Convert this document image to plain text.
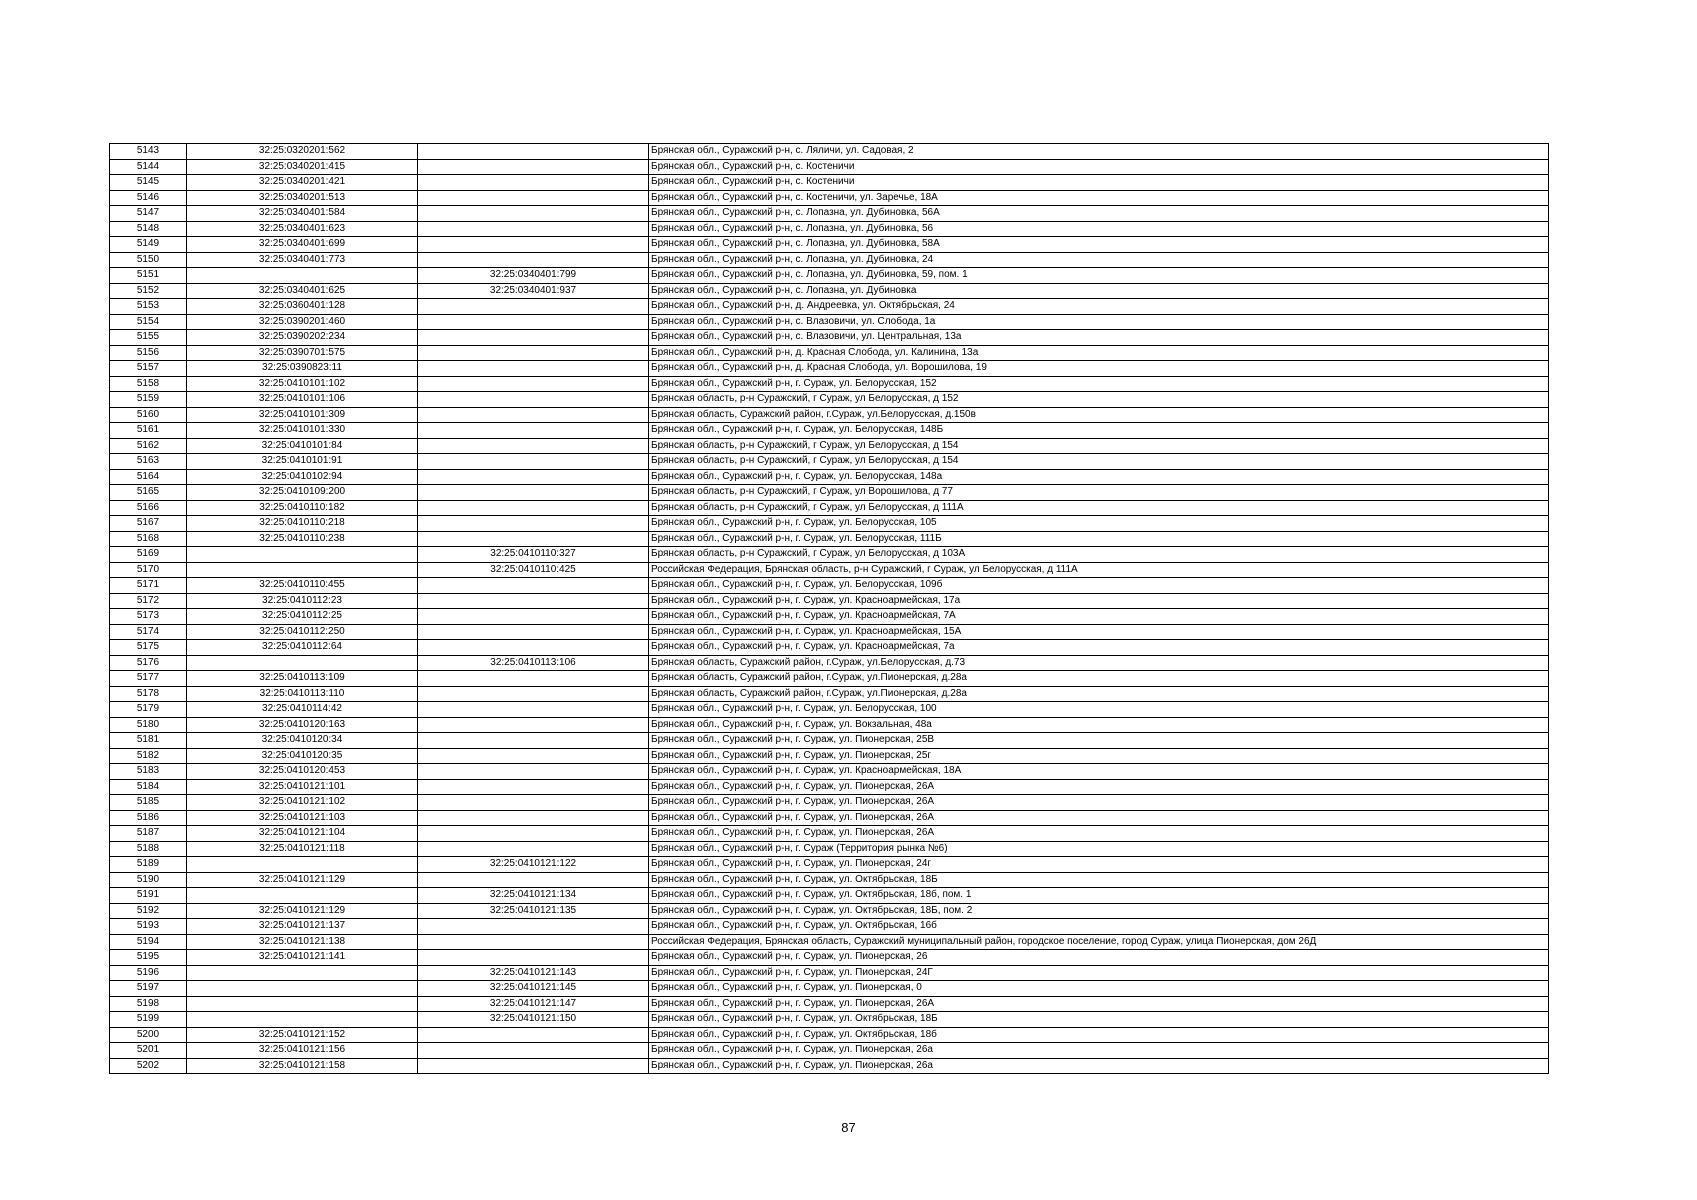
5143	32:25:0320201:562		Брянская обл., Суражский р-н, с. Ляличи, ул. Садовая, 2
5144	32:25:0340201:415		Брянская обл., Суражский р-н, с. Костеничи
5145	32:25:0340201:421		Брянская обл., Суражский р-н, с. Костеничи
5146	32:25:0340201:513		Брянская обл., Суражский р-н, с. Костеничи, ул. Заречье, 18А
5147	32:25:0340401:584		Брянская обл., Суражский р-н, с. Лопазна, ул. Дубиновка, 56А
5148	32:25:0340401:623		Брянская обл., Суражский р-н, с. Лопазна, ул. Дубиновка, 56
5149	32:25:0340401:699		Брянская обл., Суражский р-н, с. Лопазна, ул. Дубиновка, 58А
5150	32:25:0340401:773		Брянская обл., Суражский р-н, с. Лопазна, ул. Дубиновка, 24
5151		32:25:0340401:799	Брянская обл., Суражский р-н, с. Лопазна, ул. Дубиновка, 59, пом. 1
5152	32:25:0340401:625	32:25:0340401:937	Брянская обл., Суражский р-н, с. Лопазна, ул. Дубиновка
5153	32:25:0360401:128		Брянская обл., Суражский р-н, д. Андреевка, ул. Октябрьская, 24
5154	32:25:0390201:460		Брянская обл., Суражский р-н, с. Влазовичи, ул. Слобода, 1а
5155	32:25:0390202:234		Брянская обл., Суражский р-н, с. Влазовичи, ул. Центральная, 13а
5156	32:25:0390701:575		Брянская обл., Суражский р-н, д. Красная Слобода, ул. Калинина, 13а
5157	32:25:0390823:11		Брянская обл., Суражский р-н, д. Красная Слобода, ул. Ворошилова, 19
5158	32:25:0410101:102		Брянская обл., Суражский р-н, г. Сураж, ул. Белорусская, 152
5159	32:25:0410101:106		Брянская область, р-н Суражский, г Сураж, ул Белорусская, д 152
5160	32:25:0410101:309		Брянская область, Суражский район, г.Сураж, ул.Белорусская, д.150в
5161	32:25:0410101:330		Брянская обл., Суражский р-н, г. Сураж, ул. Белорусская, 148Б
5162	32:25:0410101:84		Брянская область, р-н Суражский, г Сураж, ул Белорусская, д 154
5163	32:25:0410101:91		Брянская область, р-н Суражский, г Сураж, ул Белорусская, д 154
5164	32:25:0410102:94		Брянская обл., Суражский р-н, г. Сураж, ул. Белорусская, 148а
5165	32:25:0410109:200		Брянская область, р-н Суражский, г Сураж, ул Ворошилова, д 77
5166	32:25:0410110:182		Брянская область, р-н Суражский, г Сураж, ул Белорусская, д 111А
5167	32:25:0410110:218		Брянская обл., Суражский р-н, г. Сураж, ул. Белорусская, 105
5168	32:25:0410110:238		Брянская обл., Суражский р-н, г. Сураж, ул. Белорусская, 111Б
5169		32:25:0410110:327	Брянская область, р-н Суражский, г Сураж, ул Белорусская, д 103А
5170		32:25:0410110:425	Российская Федерация, Брянская область, р-н Суражский, г Сураж, ул Белорусская, д 111А
5171	32:25:0410110:455		Брянская обл., Суражский р-н, г. Сураж, ул. Белорусская, 109б
5172	32:25:0410112:23		Брянская обл., Суражский р-н, г. Сураж, ул. Красноармейская, 17а
5173	32:25:0410112:25		Брянская обл., Суражский р-н, г. Сураж, ул. Красноармейская, 7А
5174	32:25:0410112:250		Брянская обл., Суражский р-н, г. Сураж, ул. Красноармейская, 15А
5175	32:25:0410112:64		Брянская обл., Суражский р-н, г. Сураж, ул. Красноармейская, 7а
5176		32:25:0410113:106	Брянская область, Суражский район, г.Сураж, ул.Белорусская, д.73
5177	32:25:0410113:109		Брянская область, Суражский район, г.Сураж, ул.Пионерская, д.28а
5178	32:25:0410113:110		Брянская область, Суражский район, г.Сураж, ул.Пионерская, д.28а
5179	32:25:0410114:42		Брянская обл., Суражский р-н, г. Сураж, ул. Белорусская, 100
5180	32:25:0410120:163		Брянская обл., Суражский р-н, г. Сураж, ул. Вокзальная, 48а
5181	32:25:0410120:34		Брянская обл., Суражский р-н, г. Сураж, ул. Пионерская, 25В
5182	32:25:0410120:35		Брянская обл., Суражский р-н, г. Сураж, ул. Пионерская, 25г
5183	32:25:0410120:453		Брянская обл., Суражский р-н, г. Сураж, ул. Красноармейская, 18А
5184	32:25:0410121:101		Брянская обл., Суражский р-н, г. Сураж, ул. Пионерская, 26А
5185	32:25:0410121:102		Брянская обл., Суражский р-н, г. Сураж, ул. Пионерская, 26А
5186	32:25:0410121:103		Брянская обл., Суражский р-н, г. Сураж, ул. Пионерская, 26А
5187	32:25:0410121:104		Брянская обл., Суражский р-н, г. Сураж, ул. Пионерская, 26А
5188	32:25:0410121:118		Брянская обл., Суражский р-н, г. Сураж (Территория рынка №6)
5189		32:25:0410121:122	Брянская обл., Суражский р-н, г. Сураж, ул. Пионерская, 24г
5190	32:25:0410121:129		Брянская обл., Суражский р-н, г. Сураж, ул. Октябрьская, 18Б
5191		32:25:0410121:134	Брянская обл., Суражский р-н, г. Сураж, ул. Октябрьская, 18б, пом. 1
5192	32:25:0410121:129	32:25:0410121:135	Брянская обл., Суражский р-н, г. Сураж, ул. Октябрьская, 18Б, пом. 2
5193	32:25:0410121:137		Брянская обл., Суражский р-н, г. Сураж, ул. Октябрьская, 16б
5194	32:25:0410121:138		Российская Федерация, Брянская область, Суражский муниципальный район, городское поселение, город Сураж, улица Пионерская, дом 26Д
5195	32:25:0410121:141		Брянская обл., Суражский р-н, г. Сураж, ул. Пионерская, 26
5196		32:25:0410121:143	Брянская обл., Суражский р-н, г. Сураж, ул. Пионерская, 24Г
5197		32:25:0410121:145	Брянская обл., Суражский р-н, г. Сураж, ул. Пионерская, 0
5198		32:25:0410121:147	Брянская обл., Суражский р-н, г. Сураж, ул. Пионерская, 26А
5199		32:25:0410121:150	Брянская обл., Суражский р-н, г. Сураж, ул. Октябрьская, 18Б
5200	32:25:0410121:152		Брянская обл., Суражский р-н, г. Сураж, ул. Октябрьская, 18б
5201	32:25:0410121:156		Брянская обл., Суражский р-н, г. Сураж, ул. Пионерская, 26а
5202	32:25:0410121:158		Брянская обл., Суражский р-н, г. Сураж, ул. Пионерская, 26а
87
